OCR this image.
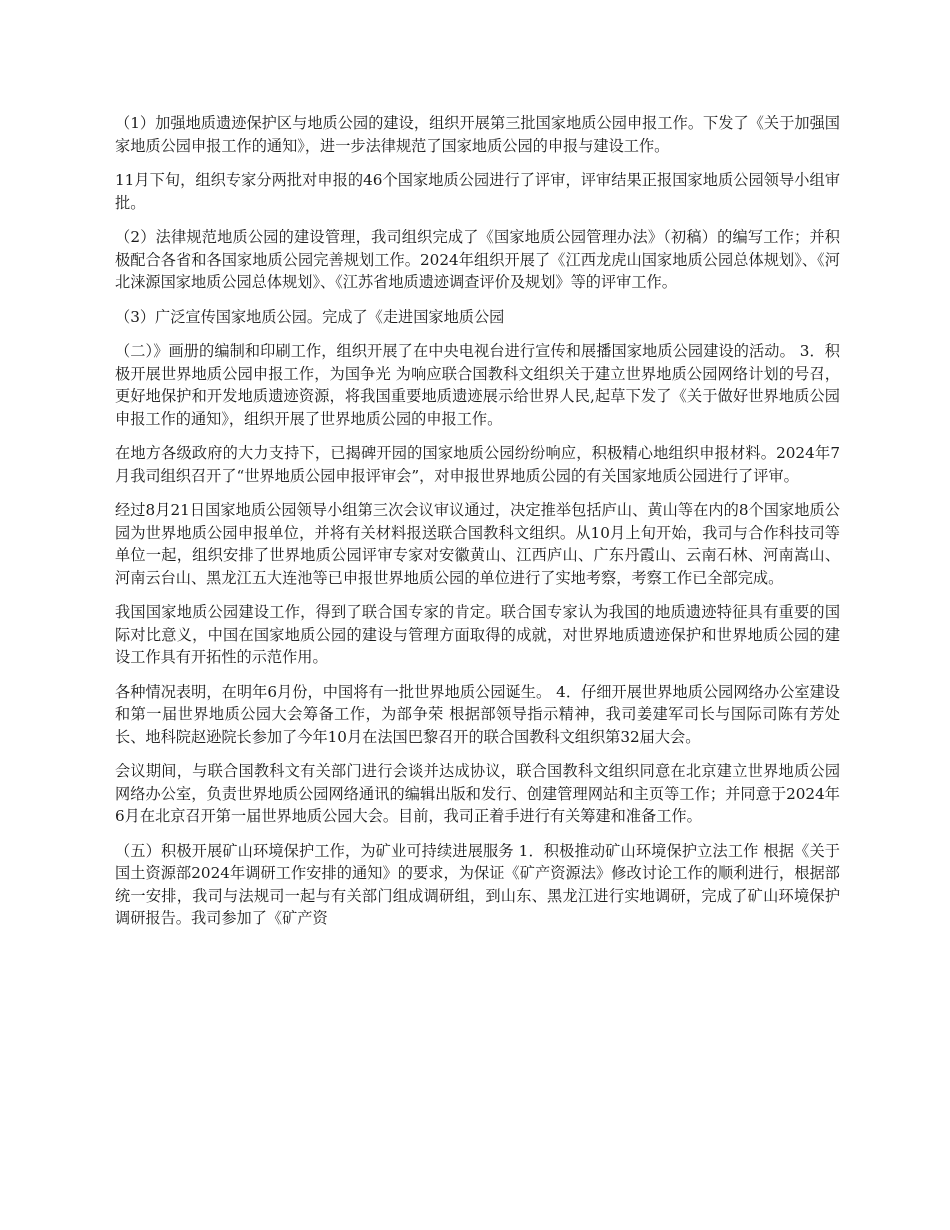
（1）加强地质遗迹保护区与地质公园的建设，组织开展第三批国家地质公园申报工作。下发了《关于加强国家地质公园申报工作的通知》，进一步法律规范了国家地质公园的申报与建设工作。

11月下旬，组织专家分两批对申报的46个国家地质公园进行了评审，评审结果正报国家地质公园领导小组审批。

（2）法律规范地质公园的建设管理，我司组织完成了《国家地质公园管理办法》（初稿）的编写工作；并积极配合各省和各国家地质公园完善规划工作。2024年组织开展了《江西龙虎山国家地质公园总体规划》、《河北涞源国家地质公园总体规划》、《江苏省地质遗迹调查评价及规划》等的评审工作。

（3）广泛宣传国家地质公园。完成了《走进国家地质公园

（二）》画册的编制和印刷工作，组织开展了在中央电视台进行宣传和展播国家地质公园建设的活动。 3．积极开展世界地质公园申报工作，为国争光 为响应联合国教科文组织关于建立世界地质公园网络计划的号召，更好地保护和开发地质遗迹资源，将我国重要地质遗迹展示给世界人民,起草下发了《关于做好世界地质公园申报工作的通知》，组织开展了世界地质公园的申报工作。

在地方各级政府的大力支持下，已揭碑开园的国家地质公园纷纷响应，积极精心地组织申报材料。2024年7月我司组织召开了“世界地质公园申报评审会”，对申报世界地质公园的有关国家地质公园进行了评审。

经过8月21日国家地质公园领导小组第三次会议审议通过，决定推举包括庐山、黄山等在内的8个国家地质公园为世界地质公园申报单位，并将有关材料报送联合国教科文组织。从10月上旬开始，我司与合作科技司等单位一起，组织安排了世界地质公园评审专家对安徽黄山、江西庐山、广东丹霞山、云南石林、河南嵩山、河南云台山、黑龙江五大连池等已申报世界地质公园的单位进行了实地考察，考察工作已全部完成。

我国国家地质公园建设工作，得到了联合国专家的肯定。联合国专家认为我国的地质遗迹特征具有重要的国际对比意义，中国在国家地质公园的建设与管理方面取得的成就，对世界地质遗迹保护和世界地质公园的建设工作具有开拓性的示范作用。

各种情况表明，在明年6月份，中国将有一批世界地质公园诞生。 4．仔细开展世界地质公园网络办公室建设和第一届世界地质公园大会筹备工作，为部争荣 根据部领导指示精神，我司姜建军司长与国际司陈有芳处长、地科院赵逊院长参加了今年10月在法国巴黎召开的联合国教科文组织第32届大会。

会议期间，与联合国教科文有关部门进行会谈并达成协议，联合国教科文组织同意在北京建立世界地质公园网络办公室，负责世界地质公园网络通讯的编辑出版和发行、创建管理网站和主页等工作；并同意于2024年6月在北京召开第一届世界地质公园大会。目前，我司正着手进行有关筹建和准备工作。

（五）积极开展矿山环境保护工作，为矿业可持续进展服务 1．积极推动矿山环境保护立法工作 根据《关于国土资源部2024年调研工作安排的通知》的要求，为保证《矿产资源法》修改讨论工作的顺利进行，根据部统一安排，我司与法规司一起与有关部门组成调研组，到山东、黑龙江进行实地调研，完成了矿山环境保护调研报告。我司参加了《矿产资
